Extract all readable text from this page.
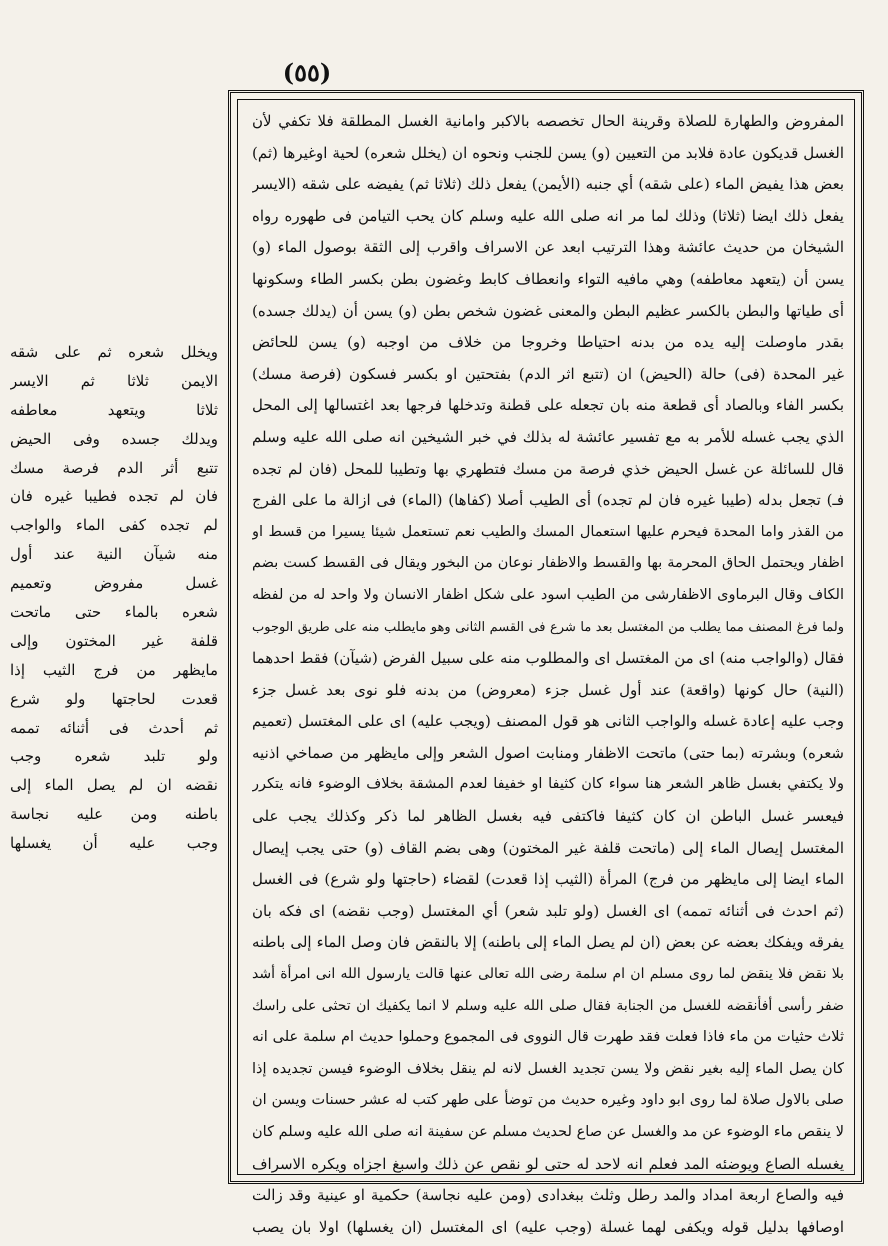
(٥٥)
ويخلل شعره ثم على شقه
الايمن ثلاثا ثم الايسر
ثلاثا ويتعهد معاطفه
ويدلك جسده وفى الحيض
تتبع أثر الدم فرصة مسك
فان لم تجده فطيبا غيره فان
لم تجده كفى الماء والواجب
منه شيآن النية عند أول
غسل مفروض وتعميم
شعره بالماء حتى ماتحت
قلفة غير المختون وإلى
مايظهر من فرج الثيب إذا
قعدت لحاجتها ولو شرع
ثم أحدث فى أثنائه تممه
ولو تلبد شعره وجب
نقضه ان لم يصل الماء إلى
باطنه ومن عليه نجاسة
وجب عليه أن يغسلها
المفروض والطهارة للصلاة وقرينة الحال تخصصه بالاكبر وامانية الغسل المطلقة فلا تكفي لأن
الغسل قديكون عادة فلابد من التعيين (و) يسن للجنب ونحوه ان (يخلل شعره) لحية اوغيرها (ثم)
بعض هذا يفيض الماء (على شقه) أي جنبه (الأيمن) يفعل ذلك (ثلاثا ثم) يفيضه على شقه (الايسر
يفعل ذلك ايضا (ثلاثا) وذلك لما مر انه صلى الله عليه وسلم كان يحب التيامن فى طهوره رواه
الشيخان من حديث عائشة وهذا الترتيب ابعد عن الاسراف واقرب إلى الثقة بوصول الماء (و)
يسن أن (يتعهد معاطفه) وهي مافيه التواء وانعطاف كابط وغضون بطن بكسر الطاء وسكونها
أى طياتها والبطن بالكسر عظيم البطن والمعنى غضون شخص بطن (و) يسن أن (يدلك جسده)
بقدر ماوصلت إليه يده من بدنه احتياطا وخروجا من خلاف من اوجبه (و) يسن للحائض
غير المحدة (فى) حالة (الحيض) ان (تتبع اثر الدم) بفتحتين او بكسر فسكون (فرصة مسك)
بكسر الفاء وبالصاد أى قطعة منه بان تجعله على قطنة وتدخلها فرجها بعد اغتسالها إلى المحل
الذي يجب غسله للأمر به مع تفسير عائشة له بذلك في خبر الشيخين انه صلى الله عليه وسلم
قال للسائلة عن غسل الحيض خذي فرصة من مسك فتطهري بها وتطيبا للمحل (فان لم تجده
فـ) تجعل بدله (طيبا غيره فان لم تجده) أى الطيب أصلا (كفاها) (الماء) فى ازالة ما على الفرج
من القذر واما المحدة فيحرم عليها استعمال المسك والطيب نعم تستعمل شيئا يسيرا من قسط او
اظفار ويحتمل الحاق المحرمة بها والقسط والاظفار نوعان من البخور ويقال فى القسط كست بضم
الكاف وقال البرماوى الاظفارشى من الطيب اسود على شكل اظفار الانسان ولا واحد له من لفظه
ولما فرغ المصنف مما يطلب من المغتسل بعد ما شرع فى القسم الثانى وهو مايطلب منه على طريق الوجوب
فقال (والواجب منه) اى من المغتسل اى والمطلوب منه على سبيل الفرض (شيآن) فقط احدهما
(النية) حال كونها (واقعة) عند أول غسل جزء (معروض) من بدنه فلو نوى بعد غسل جزء
وجب عليه إعادة غسله والواجب الثانى هو قول المصنف (ويجب عليه) اى على المغتسل (تعميم
شعره) وبشرته (بما حتى) ماتحت الاظفار ومنابت اصول الشعر وإلى مايظهر من صماخي اذنيه
ولا يكتفي بغسل ظاهر الشعر هنا سواء كان كثيفا او خفيفا لعدم المشقة بخلاف الوضوء فانه يتكرر
فيعسر غسل الباطن ان كان كثيفا فاكتفى فيه بغسل الظاهر لما ذكر وكذلك يجب على
المغتسل إيصال الماء إلى (ماتحت قلفة غير المختون) وهى بضم القاف (و) حتى يجب إيصال
الماء ايضا إلى مايظهر من فرج) المرأة (الثيب إذا قعدت) لقضاء (حاجتها ولو شرع) فى الغسل
(ثم احدث فى أثنائه تممه) اى الغسل (ولو تلبد شعر) أي المغتسل (وجب نقضه) اى فكه بان
يفرقه ويفكك بعضه عن بعض (ان لم يصل الماء إلى باطنه) إلا بالنقض فان وصل الماء إلى باطنه
بلا نقض فلا ينقض لما روى مسلم ان ام سلمة رضى الله تعالى عنها قالت يارسول الله انى امرأة أشد
ضفر رأسى أفأنقضه للغسل من الجنابة فقال صلى الله عليه وسلم لا انما يكفيك ان تحثى على راسك
ثلاث حثيات من ماء فاذا فعلت فقد طهرت قال النووى فى المجموع وحملوا حديث ام سلمة على انه
كان يصل الماء إليه بغير نقض ولا يسن تجديد الغسل لانه لم ينقل بخلاف الوضوء فيسن تجديده إذا
صلى بالاول صلاة لما روى ابو داود وغيره حديث من توضأ على طهر كتب له عشر حسنات ويسن ان
لا ينقص ماء الوضوء عن مد والغسل عن صاع لحديث مسلم عن سفينة انه صلى الله عليه وسلم كان
يغسله الصاع ويوضئه المد فعلم انه لاحد له حتى لو نقص عن ذلك واسبغ اجزاه ويكره الاسراف
فيه والصاع اربعة امداد والمد رطل وثلث ببغدادى (ومن عليه نجاسة) حكمية او عينية وقد زالت
اوصافها بدليل قوله ويكفى لهما غسلة (وجب عليه) اى المغتسل (ان يغسلها) اولا بان يصب
